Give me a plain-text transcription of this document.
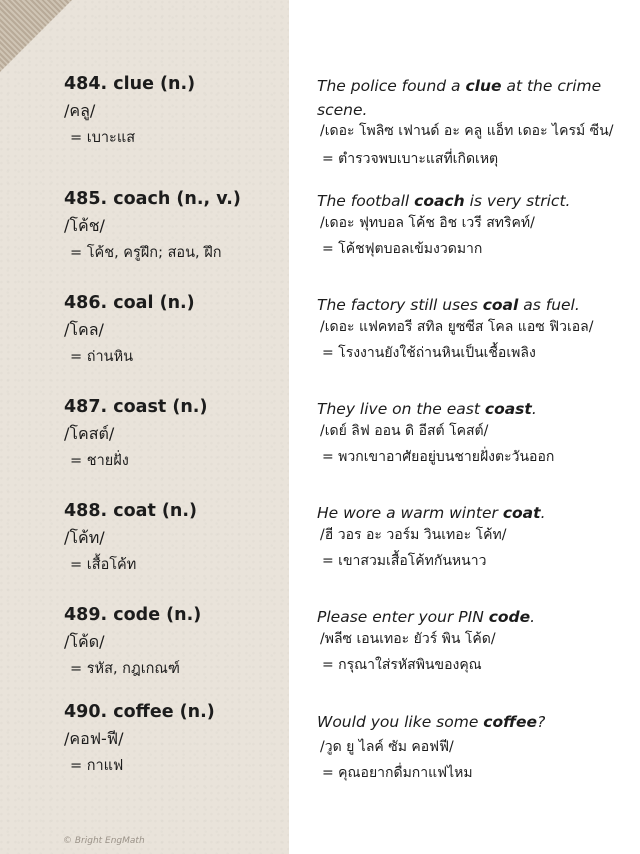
484. clue (n.)
/คลู/
= เบาะแส
The police found a clue at the crime scene.
/เดอะ โพลิซ เฟานด์ อะ คลู แอ็ท เดอะ ไครม์ ซีน/
= ตำรวจพบเบาะแสที่เกิดเหตุ
485. coach (n., v.)
/โค้ช/
= โค้ช, ครูฝึก; สอน, ฝึก
The football coach is very strict.
/เดอะ ฟุทบอล โค้ช อิช เวรี สทริคท์/
= โค้ชฟุตบอลเข้มงวดมาก
486. coal (n.)
/โคล/
= ถ่านหิน
The factory still uses coal as fuel.
/เดอะ แฟคทอรี สทิล ยูซซีส โคล แอซ ฟิวเอล/
= โรงงานยังใช้ถ่านหินเป็นเชื้อเพลิง
487. coast (n.)
/โคสต์/
= ชายฝั่ง
They live on the east coast.
/เดย์ ลิฟ ออน ดิ อีสต์ โคสต์/
= พวกเขาอาศัยอยู่บนชายฝั่งตะวันออก
488. coat (n.)
/โค้ท/
= เสื้อโค้ท
He wore a warm winter coat.
/ฮี วอร อะ วอร์ม วินเทอะ โค้ท/
= เขาสวมเสื้อโค้ทกันหนาว
489. code (n.)
/โค้ด/
= รหัส, กฎเกณฑ์
Please enter your PIN code.
/พลีซ เอนเทอะ ยัวร์ พิน โค้ด/
= กรุณาใส่รหัสพินของคุณ
490. coffee (n.)
/คอฟ-ฟี/
= กาแฟ
Would you like some coffee?
/วูด ยู ไลค์ ซัม คอฟฟี/
= คุณอยากดื่มกาแฟไหม
© Bright EngMath
